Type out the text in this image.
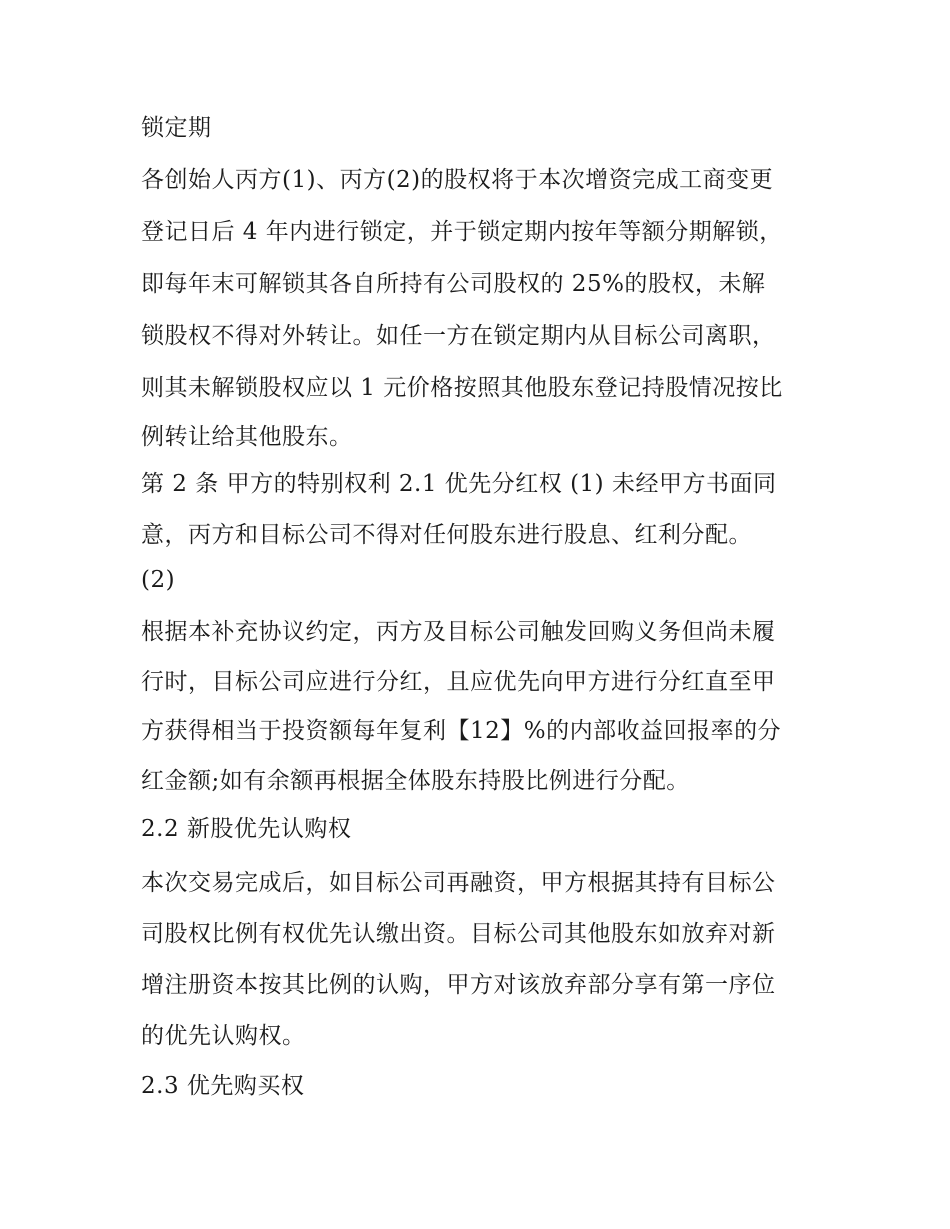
锁定期
各创始人丙方(1)、丙方(2)的股权将于本次增资完成工商变更
登记日后 4 年内进行锁定，并于锁定期内按年等额分期解锁，
即每年末可解锁其各自所持有公司股权的 25%的股权，未解
锁股权不得对外转让。如任一方在锁定期内从目标公司离职，
则其未解锁股权应以 1 元价格按照其他股东登记持股情况按比
例转让给其他股东。
第 2 条 甲方的特别权利 2.1 优先分红权 (1) 未经甲方书面同
意，丙方和目标公司不得对任何股东进行股息、红利分配。
(2)
根据本补充协议约定，丙方及目标公司触发回购义务但尚未履
行时，目标公司应进行分红，且应优先向甲方进行分红直至甲
方获得相当于投资额每年复利【12】%的内部收益回报率的分
红金额;如有余额再根据全体股东持股比例进行分配。
2.2 新股优先认购权
本次交易完成后，如目标公司再融资，甲方根据其持有目标公
司股权比例有权优先认缴出资。目标公司其他股东如放弃对新
增注册资本按其比例的认购，甲方对该放弃部分享有第一序位
的优先认购权。
2.3 优先购买权
